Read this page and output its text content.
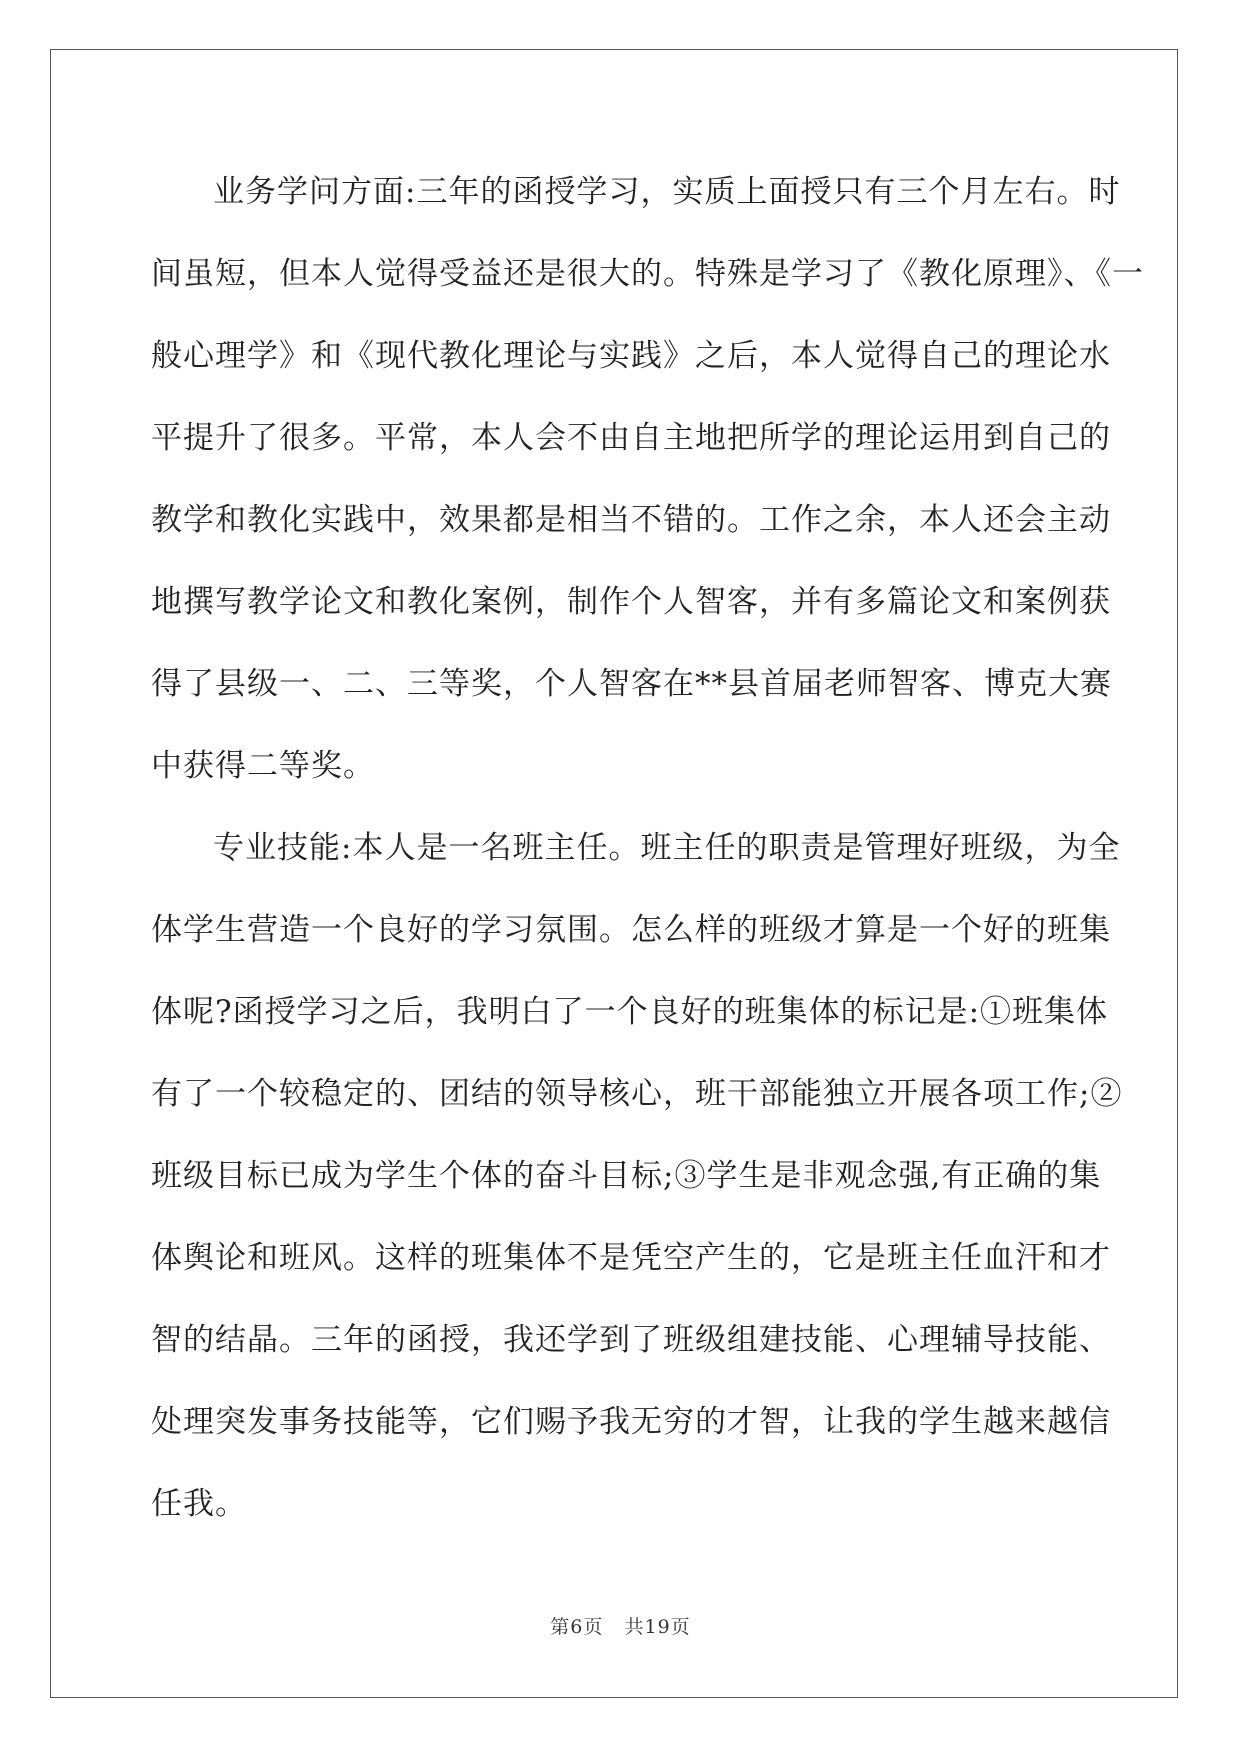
业务学问方面:三年的函授学习，实质上面授只有三个月左右。时
间虽短，但本人觉得受益还是很大的。特殊是学习了《教化原理》、《一
般心理学》和《现代教化理论与实践》之后，本人觉得自己的理论水
平提升了很多。平常，本人会不由自主地把所学的理论运用到自己的
教学和教化实践中，效果都是相当不错的。工作之余，本人还会主动
地撰写教学论文和教化案例，制作个人智客，并有多篇论文和案例获
得了县级一、二、三等奖，个人智客在**县首届老师智客、博克大赛
中获得二等奖。
专业技能:本人是一名班主任。班主任的职责是管理好班级，为全
体学生营造一个良好的学习氛围。怎么样的班级才算是一个好的班集
体呢?函授学习之后，我明白了一个良好的班集体的标记是:①班集体
有了一个较稳定的、团结的领导核心，班干部能独立开展各项工作;②
班级目标已成为学生个体的奋斗目标;③学生是非观念强,有正确的集
体舆论和班风。这样的班集体不是凭空产生的，它是班主任血汗和才
智的结晶。三年的函授，我还学到了班级组建技能、心理辅导技能、
处理突发事务技能等，它们赐予我无穷的才智，让我的学生越来越信
任我。
第6页 共19页
